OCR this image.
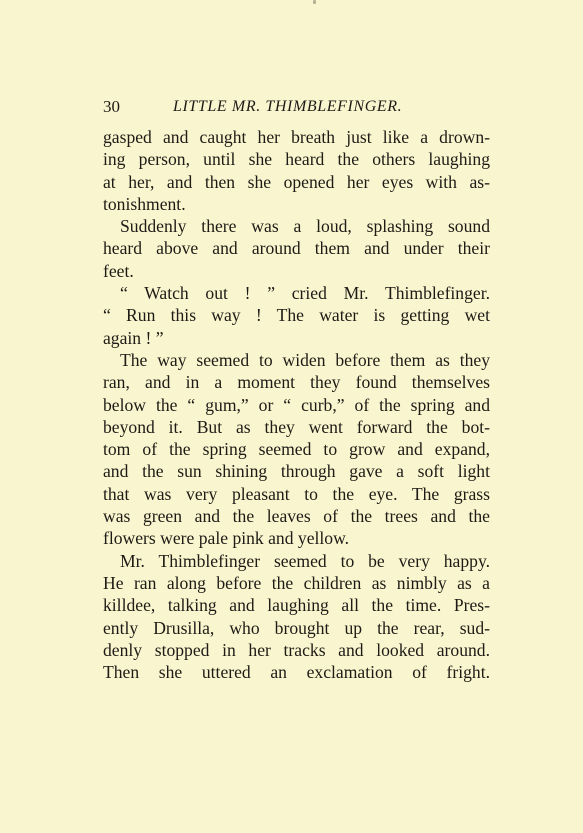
30	LITTLE MR. THIMBLEFINGER.
gasped and caught her breath just like a drown-
ing person, until she heard the others laughing
at her, and then she opened her eyes with as-
tonishment.
Suddenly there was a loud, splashing sound
heard above and around them and under their
feet.
“ Watch out ! ” cried Mr. Thimblefinger.
“ Run this way ! The water is getting wet
again ! ”
The way seemed to widen before them as they
ran, and in a moment they found themselves
below the “ gum,” or “ curb,” of the spring and
beyond it. But as they went forward the bot-
tom of the spring seemed to grow and expand,
and the sun shining through gave a soft light
that was very pleasant to the eye. The grass
was green and the leaves of the trees and the
flowers were pale pink and yellow.
Mr. Thimblefinger seemed to be very happy.
He ran along before the children as nimbly as a
killdee, talking and laughing all the time. Pres-
ently Drusilla, who brought up the rear, sud-
denly stopped in her tracks and looked around.
Then she uttered an exclamation of fright.
